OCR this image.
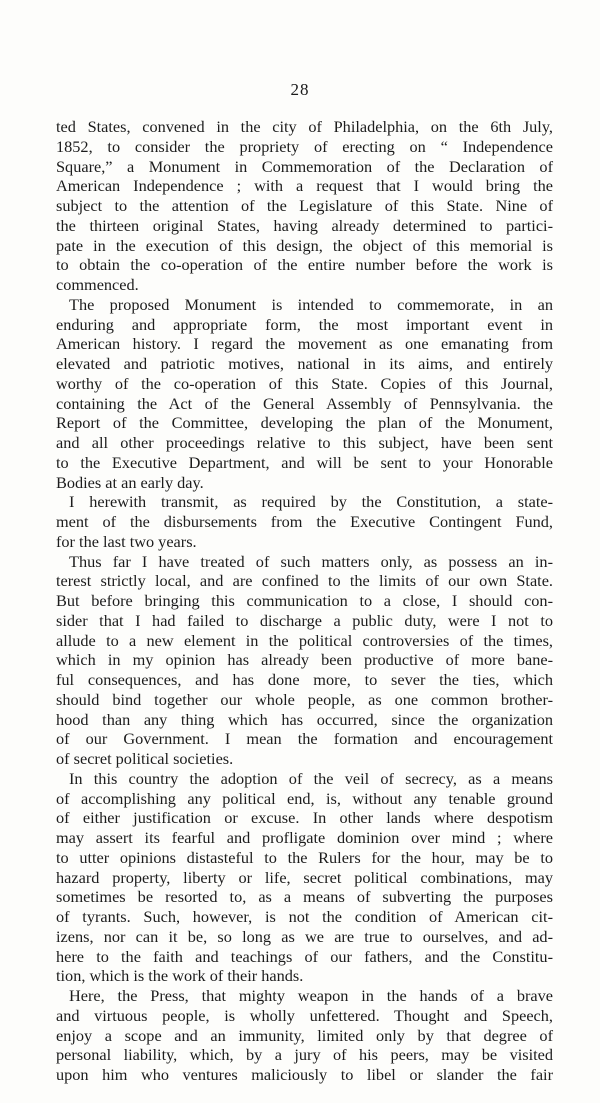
28
ted States, convened in the city of Philadelphia, on the 6th July,
1852, to consider the propriety of erecting on “ Independence
Square,” a Monument in Commemoration of the Declaration of
American Independence ; with a request that I would bring the
subject to the attention of the Legislature of this State. Nine of
the thirteen original States, having already determined to partici-
pate in the execution of this design, the object of this memorial is
to obtain the co-operation of the entire number before the work is
commenced.
The proposed Monument is intended to commemorate, in an
enduring and appropriate form, the most important event in
American history. I regard the movement as one emanating from
elevated and patriotic motives, national in its aims, and entirely
worthy of the co-operation of this State. Copies of this Journal,
containing the Act of the General Assembly of Pennsylvania. the
Report of the Committee, developing the plan of the Monument,
and all other proceedings relative to this subject, have been sent
to the Executive Department, and will be sent to your Honorable
Bodies at an early day.
I herewith transmit, as required by the Constitution, a state-
ment of the disbursements from the Executive Contingent Fund,
for the last two years.
Thus far I have treated of such matters only, as possess an in-
terest strictly local, and are confined to the limits of our own State.
But before bringing this communication to a close, I should con-
sider that I had failed to discharge a public duty, were I not to
allude to a new element in the political controversies of the times,
which in my opinion has already been productive of more bane-
ful consequences, and has done more, to sever the ties, which
should bind together our whole people, as one common brother-
hood than any thing which has occurred, since the organization
of our Government. I mean the formation and encouragement
of secret political societies.
In this country the adoption of the veil of secrecy, as a means
of accomplishing any political end, is, without any tenable ground
of either justification or excuse. In other lands where despotism
may assert its fearful and profligate dominion over mind ; where
to utter opinions distasteful to the Rulers for the hour, may be to
hazard property, liberty or life, secret political combinations, may
sometimes be resorted to, as a means of subverting the purposes
of tyrants. Such, however, is not the condition of American cit-
izens, nor can it be, so long as we are true to ourselves, and ad-
here to the faith and teachings of our fathers, and the Constitu-
tion, which is the work of their hands.
Here, the Press, that mighty weapon in the hands of a brave
and virtuous people, is wholly unfettered. Thought and Speech,
enjoy a scope and an immunity, limited only by that degree of
personal liability, which, by a jury of his peers, may be visited
upon him who ventures maliciously to libel or slander the fair
